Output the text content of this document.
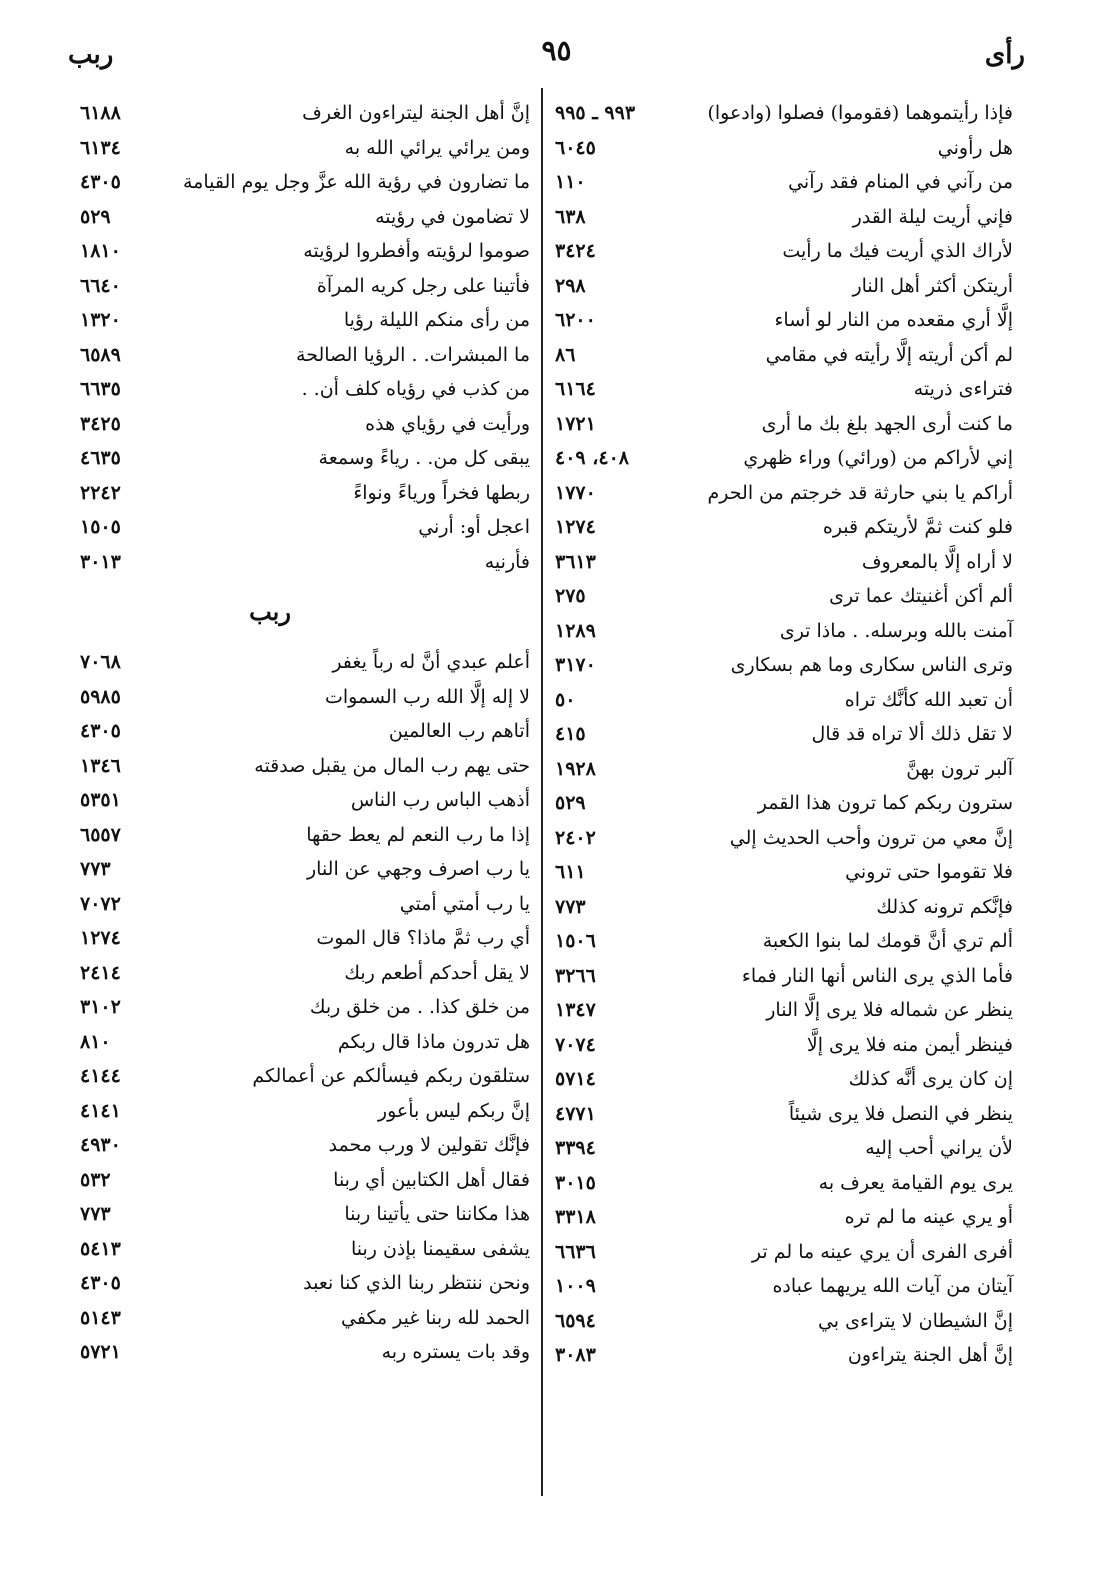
رأى
٩٥
ربب
فإذا رأيتموهما (فقوموا) فصلوا (وادعوا)
٩٩٣ ـ ٩٩٥
هل رأوني
٦٠٤٥
من رآني في المنام فقد رآني
١١٠
فإني أريت ليلة القدر
٦٣٨
لأراك الذي أريت فيك ما رأيت
٣٤٢٤
أريتكن أكثر أهل النار
٢٩٨
إلَّا أري مقعده من النار لو أساء
٦٢٠٠
لم أكن أريته إلَّا رأيته في مقامي
٨٦
فتراءى ذريته
٦١٦٤
ما كنت أرى الجهد بلغ بك ما أرى
١٧٢١
إني لأراكم من (ورائي) وراء ظهري
٤٠٨، ٤٠٩
أراكم يا بني حارثة قد خرجتم من الحرم
١٧٧٠
فلو كنت ثمَّ لأريتكم قبره
١٢٧٤
لا أراه إلَّا بالمعروف
٣٦١٣
ألم أكن أغنيتك عما ترى
٢٧٥
آمنت بالله وبرسله. . ماذا ترى
١٢٨٩
وترى الناس سكارى وما هم بسكارى
٣١٧٠
أن تعبد الله كأنَّك تراه
٥٠
لا تقل ذلك ألا تراه قد قال
٤١٥
آلبر ترون بهنَّ
١٩٢٨
سترون ربكم كما ترون هذا القمر
٥٢٩
إنَّ معي من ترون وأحب الحديث إلي
٢٤٠٢
فلا تقوموا حتى تروني
٦١١
فإنَّكم ترونه كذلك
٧٧٣
ألم تري أنَّ قومك لما بنوا الكعبة
١٥٠٦
فأما الذي يرى الناس أنها النار فماء
٣٢٦٦
ينظر عن شماله فلا يرى إلَّا النار
١٣٤٧
فينظر أيمن منه فلا يرى إلَّا
٧٠٧٤
إن كان يرى أنَّه كذلك
٥٧١٤
ينظر في النصل فلا يرى شيئاً
٤٧٧١
لأن يراني أحب إليه
٣٣٩٤
يرى يوم القيامة يعرف به
٣٠١٥
أو يري عينه ما لم تره
٣٣١٨
أفرى الفرى أن يري عينه ما لم تر
٦٦٣٦
آيتان من آيات الله يريهما عباده
١٠٠٩
إنَّ الشيطان لا يتراءى بي
٦٥٩٤
إنَّ أهل الجنة يتراءون
٣٠٨٣
إنَّ أهل الجنة ليتراءون الغرف
٦١٨٨
ومن يرائي يرائي الله به
٦١٣٤
ما تضارون في رؤية الله عزَّ وجل يوم القيامة
٤٣٠٥
لا تضامون في رؤيته
٥٢٩
صوموا لرؤيته وأفطروا لرؤيته
١٨١٠
فأتينا على رجل كريه المرآة
٦٦٤٠
من رأى منكم الليلة رؤيا
١٣٢٠
ما المبشرات. . الرؤيا الصالحة
٦٥٨٩
من كذب في رؤياه كلف أن. .
٦٦٣٥
ورأيت في رؤياي هذه
٣٤٢٥
يبقى كل من. . رياءً وسمعة
٤٦٣٥
ربطها فخراً ورياءً ونواءً
٢٢٤٢
اعجل أو: أرني
١٥٠٥
فأرنيه
٣٠١٣
ربب
أعلم عبدي أنَّ له رباً يغفر
٧٠٦٨
لا إله إلَّا الله رب السموات
٥٩٨٥
أتاهم رب العالمين
٤٣٠٥
حتى يهم رب المال من يقبل صدقته
١٣٤٦
أذهب الباس رب الناس
٥٣٥١
إذا ما رب النعم لم يعط حقها
٦٥٥٧
يا رب اصرف وجهي عن النار
٧٧٣
يا رب أمتي أمتي
٧٠٧٢
أي رب ثمَّ ماذا؟ قال الموت
١٢٧٤
لا يقل أحدكم أطعم ربك
٢٤١٤
من خلق كذا. . من خلق ربك
٣١٠٢
هل تدرون ماذا قال ربكم
٨١٠
ستلقون ربكم فيسألكم عن أعمالكم
٤١٤٤
إنَّ ربكم ليس بأعور
٤١٤١
فإنَّك تقولين لا ورب محمد
٤٩٣٠
فقال أهل الكتابين أي ربنا
٥٣٢
هذا مكاننا حتى يأتينا ربنا
٧٧٣
يشفى سقيمنا بإذن ربنا
٥٤١٣
ونحن ننتظر ربنا الذي كنا نعبد
٤٣٠٥
الحمد لله ربنا غير مكفي
٥١٤٣
وقد بات يستره ربه
٥٧٢١
